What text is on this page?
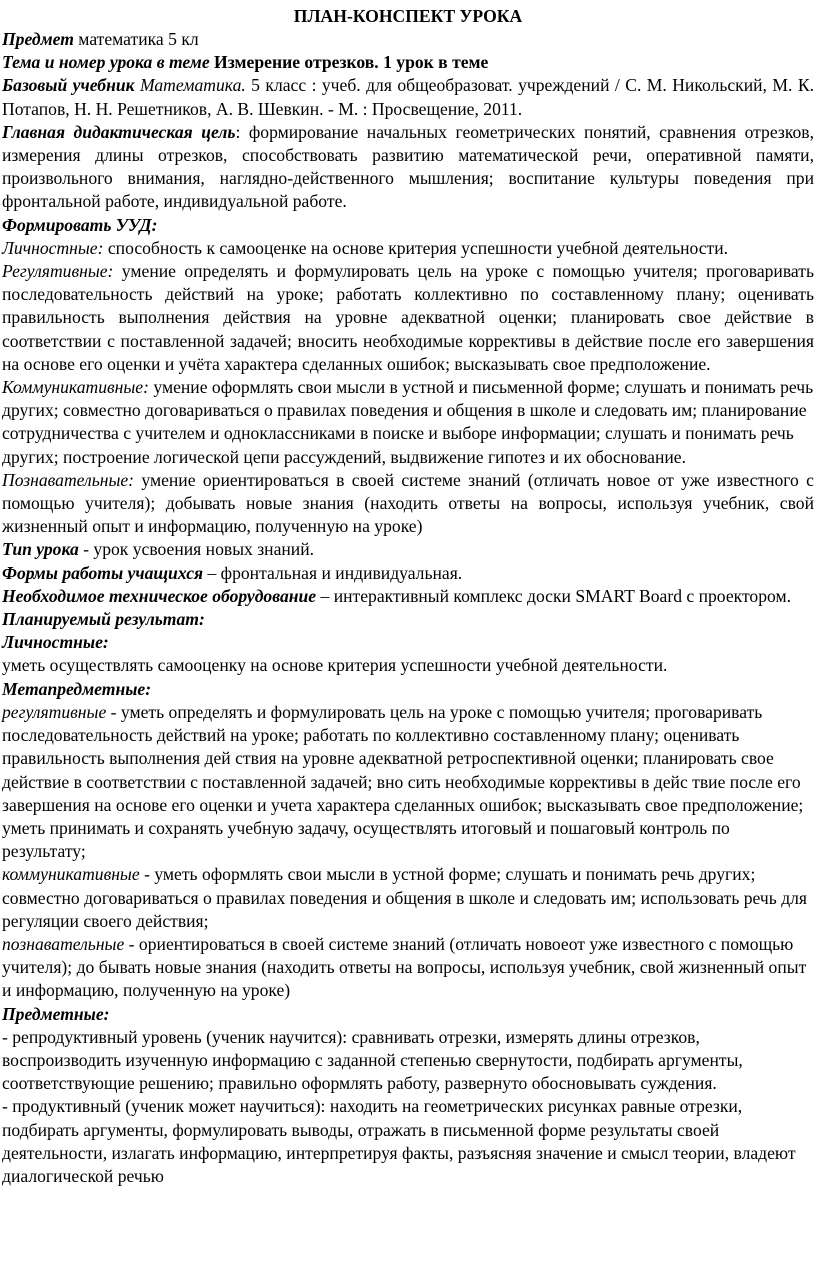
ПЛАН-КОНСПЕКТ УРОКА

Предмет математика 5 кл

Тема и номер урока в теме Измерение отрезков. 1 урок в теме

Базовый учебник Математика. 5 класс : учеб. для общеобразоват. учреждений / С. М. Никольский, М. К. Потапов, Н. Н. Решетников, А. В. Шевкин. - М. : Просвещение, 2011.

Главная дидактическая цель: формирование начальных геометрических понятий, сравнения отрезков, измерения длины отрезков, способствовать развитию математической речи, оперативной памяти, произвольного внимания, наглядно-действенного мышления; воспитание культуры поведения при фронтальной работе, индивидуальной работе.

Формировать УУД:

Личностные: способность к самооценке на основе критерия успешности учебной деятельности.

Регулятивные: умение определять и формулировать цель на уроке с помощью учителя; проговаривать последовательность действий на уроке; работать коллективно по составленному плану; оценивать правильность выполнения действия на уровне адекватной оценки; планировать свое действие в соответствии с поставленной задачей; вносить необходимые коррективы в действие после его завершения на основе его оценки и учёта характера сделанных ошибок; высказывать свое предположение.

Коммуникативные: умение оформлять свои мысли в устной и письменной форме; слушать и понимать речь других; совместно договариваться о правилах поведения и общения в школе и следовать им; планирование сотрудничества с учителем и одноклассниками в поиске и выборе информации; слушать и понимать речь других; построение логической цепи рассуждений, выдвижение гипотез и их обоснование.

Познавательные: умение ориентироваться в своей системе знаний (отличать новое от уже известного с помощью учителя); добывать новые знания (находить ответы на вопросы, используя учебник, свой жизненный опыт и информацию, полученную на уроке)

Тип урока - урок усвоения новых знаний.

Формы работы учащихся – фронтальная и индивидуальная.

Необходимое техническое оборудование – интерактивный комплекс доски SMART Board с проектором.

Планируемый результат:

Личностные:

уметь осуществлять самооценку на основе критерия успешности учебной деятельности.

Метапредметные:

регулятивные - уметь определять и формулировать цель на уроке с помощью учителя; проговаривать последовательность действий на уроке; работать по коллективно составленному плану; оценивать правильность выполнения дей ствия на уровне адекватной ретроспективной оценки; планировать свое действие в соответствии с поставленной задачей; вно сить необходимые коррективы в дейс твие после его завершения на основе его оценки и учета характера сделанных ошибок; высказывать свое предположение; уметь принимать и сохранять учебную задачу, осуществлять итоговый и пошаговый контроль по результату;

коммуникативные - уметь оформлять свои мысли в устной форме; слушать и понимать речь других; совместно договариваться о правилах поведения и общения в школе и следовать им; использовать речь для регуляции своего действия;

познавательные - ориентироваться в своей системе знаний (отличать новоеот уже известного с помощью учителя); до бывать новые знания (находить ответы на вопросы, используя учебник, свой жизненный опыт и информацию, полученную на уроке)

Предметные:

- репродуктивный уровень (ученик научится): сравнивать отрезки, измерять длины отрезков, воспроизводить изученную информацию с заданной степенью свернутости, подбирать аргументы, соответствующие решению; правильно оформлять работу, развернуто обосновывать суждения.

- продуктивный (ученик может научиться): находить на геометрических рисунках равные отрезки, подбирать аргументы, формулировать выводы, отражать в письменной форме результаты своей деятельности, излагать информацию, интерпретируя факты, разъясняя значение и смысл теории, владеют диалогической речью
